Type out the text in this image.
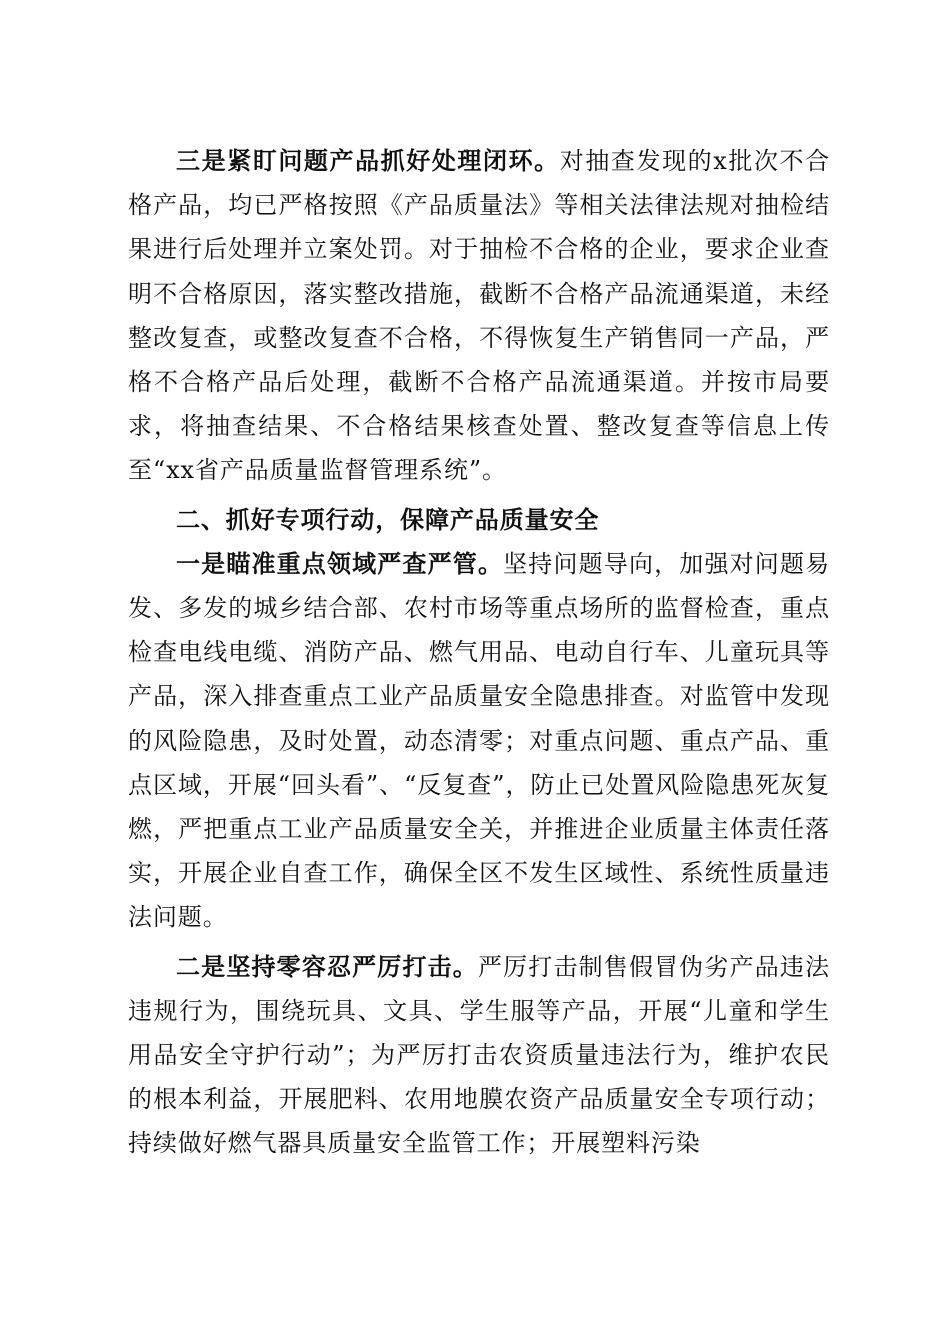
三是紧盯问题产品抓好处理闭环。对抽查发现的x批次不合格产品，均已严格按照《产品质量法》等相关法律法规对抽检结果进行后处理并立案处罚。对于抽检不合格的企业，要求企业查明不合格原因，落实整改措施，截断不合格产品流通渠道，未经整改复查，或整改复查不合格，不得恢复生产销售同一产品，严格不合格产品后处理，截断不合格产品流通渠道。并按市局要求，将抽查结果、不合格结果核查处置、整改复查等信息上传至“xx省产品质量监督管理系统”。

二、抓好专项行动，保障产品质量安全

一是瞄准重点领域严查严管。坚持问题导向，加强对问题易发、多发的城乡结合部、农村市场等重点场所的监督检查，重点检查电线电缆、消防产品、燃气用品、电动自行车、儿童玩具等产品，深入排查重点工业产品质量安全隐患排查。对监管中发现的风险隐患，及时处置，动态清零；对重点问题、重点产品、重点区域，开展“回头看”、“反复查”，防止已处置风险隐患死灰复燃，严把重点工业产品质量安全关，并推进企业质量主体责任落实，开展企业自查工作，确保全区不发生区域性、系统性质量违法问题。

二是坚持零容忍严厉打击。严厉打击制售假冒伪劣产品违法违规行为，围绕玩具、文具、学生服等产品，开展“儿童和学生用品安全守护行动”；为严厉打击农资质量违法行为，维护农民的根本利益，开展肥料、农用地膜农资产品质量安全专项行动；持续做好燃气器具质量安全监管工作；开展塑料污染
